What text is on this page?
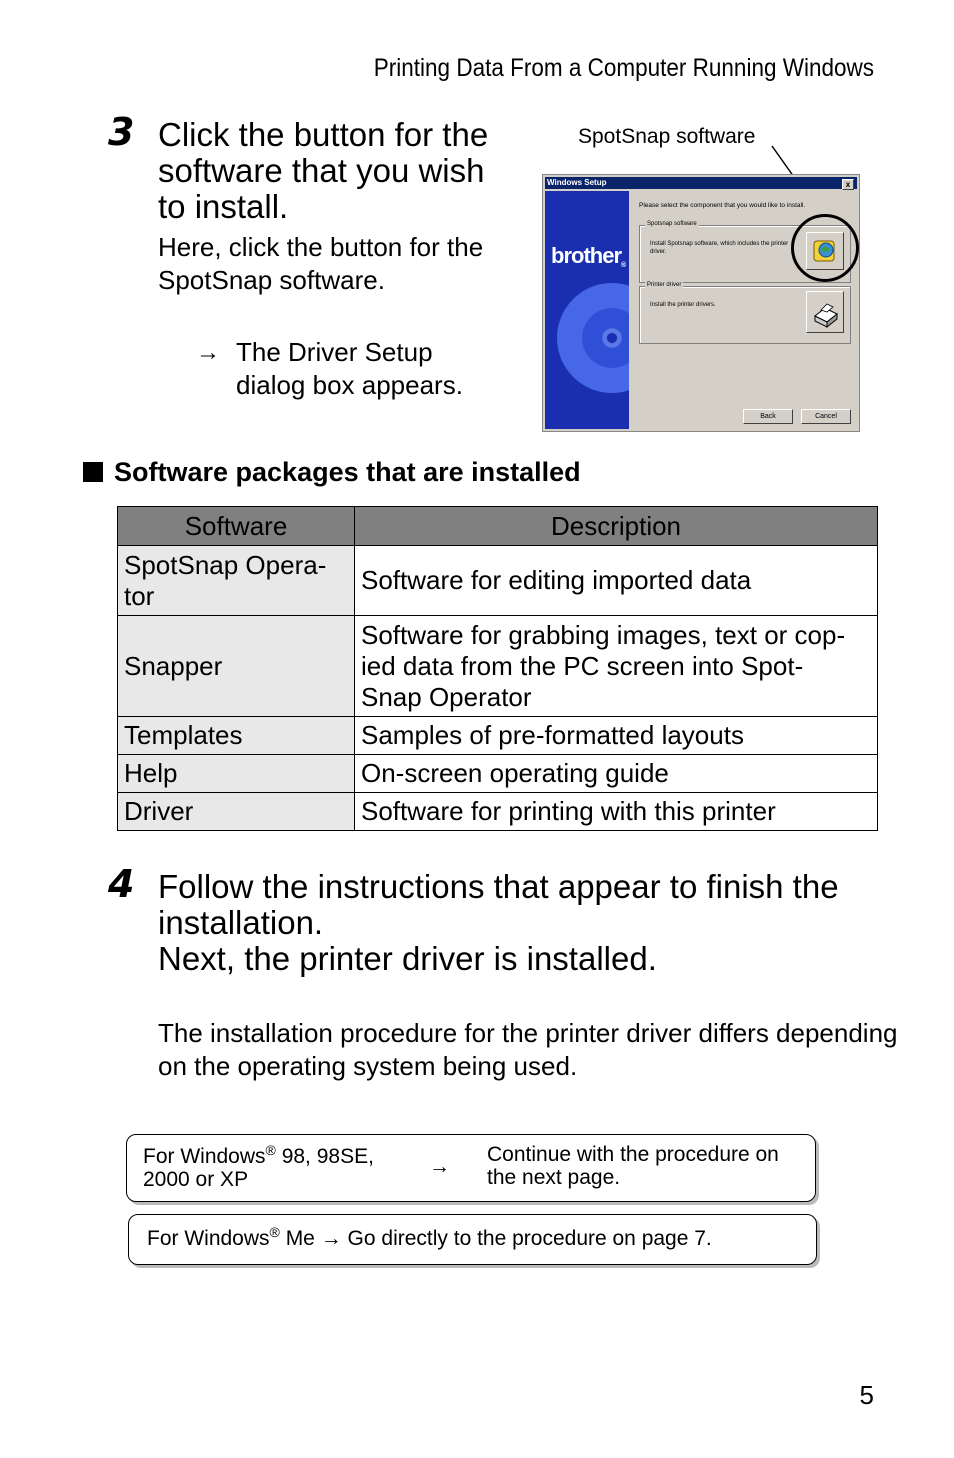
Printing Data From a Computer Running Windows
3 Click the button for the software that you wish to install.
Here, click the button for the SpotSnap software.
→ The Driver Setup dialog box appears.
SpotSnap software
Windows Setup	x
brother®
Please select the component that you would like to install.
Spotsnap software
Install Spotsnap software, which includes the printer driver.
Printer driver
Install the printer drivers.
Back	Cancel
Software packages that are installed
Software	Description
SpotSnap Opera-
tor	Software for editing imported data
Snapper	Software for grabbing images, text or cop-
ied data from the PC screen into Spot-
Snap Operator
Templates	Samples of pre-formatted layouts
Help	On-screen operating guide
Driver	Software for printing with this printer
4 Follow the instructions that appear to finish the installation.
Next, the printer driver is installed.
The installation procedure for the printer driver differs depending on the operating system being used.
For Windows® 98, 98SE,
2000 or XP
→
Continue with the procedure on the next page.
For Windows® Me → Go directly to the procedure on page 7.
5
